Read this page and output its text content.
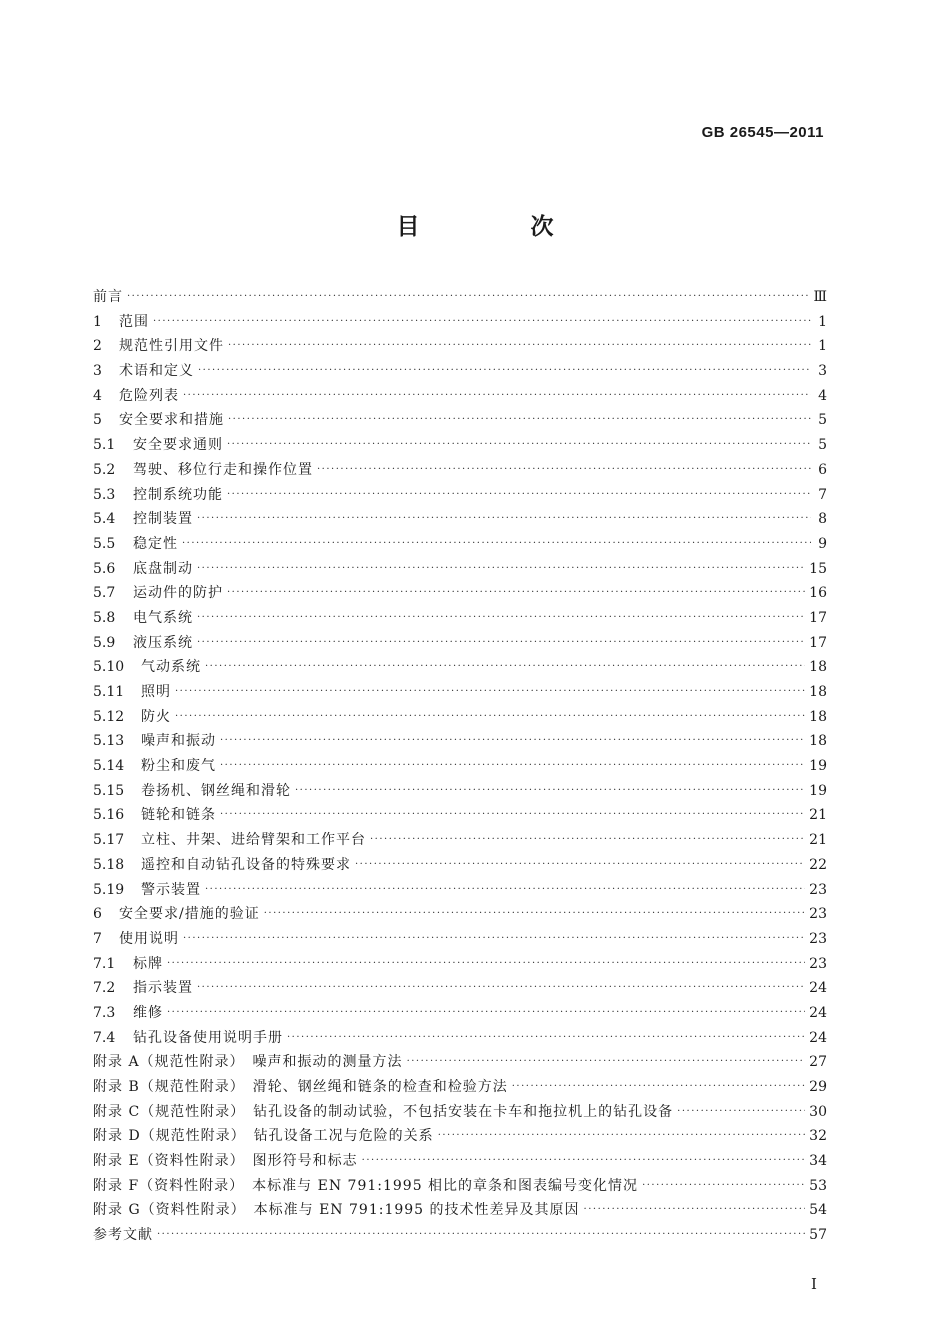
GB 26545—2011
目　次
前言 ·····	Ⅲ
1	范围 ·····	1
2	规范性引用文件 ·····	1
3	术语和定义 ·····	3
4	危险列表 ·····	4
5	安全要求和措施 ·····	5
5.1	安全要求通则 ·····	5
5.2	驾驶、移位行走和操作位置 ·····	6
5.3	控制系统功能 ·····	7
5.4	控制装置 ·····	8
5.5	稳定性 ·····	9
5.6	底盘制动 ·····	15
5.7	运动件的防护 ·····	16
5.8	电气系统 ·····	17
5.9	液压系统 ·····	17
5.10	气动系统 ·····	18
5.11	照明 ·····	18
5.12	防火 ·····	18
5.13	噪声和振动 ·····	18
5.14	粉尘和废气 ·····	19
5.15	卷扬机、钢丝绳和滑轮 ·····	19
5.16	链轮和链条 ·····	21
5.17	立柱、井架、进给臂架和工作平台 ·····	21
5.18	遥控和自动钻孔设备的特殊要求 ·····	22
5.19	警示装置 ·····	23
6	安全要求/措施的验证 ·····	23
7	使用说明 ·····	23
7.1	标牌 ·····	23
7.2	指示装置 ·····	24
7.3	维修 ·····	24
7.4	钻孔设备使用说明手册 ·····	24
附录 A（规范性附录）　噪声和振动的测量方法 ·····	27
附录 B（规范性附录）　滑轮、钢丝绳和链条的检查和检验方法 ·····	29
附录 C（规范性附录）　钻孔设备的制动试验，不包括安装在卡车和拖拉机上的钻孔设备 ·····	30
附录 D（规范性附录）　钻孔设备工况与危险的关系 ·····	32
附录 E（资料性附录）　图形符号和标志 ·····	34
附录 F（资料性附录）　本标准与 EN 791:1995 相比的章条和图表编号变化情况 ·····	53
附录 G（资料性附录）　本标准与 EN 791:1995 的技术性差异及其原因 ·····	54
参考文献 ·····	57
I
